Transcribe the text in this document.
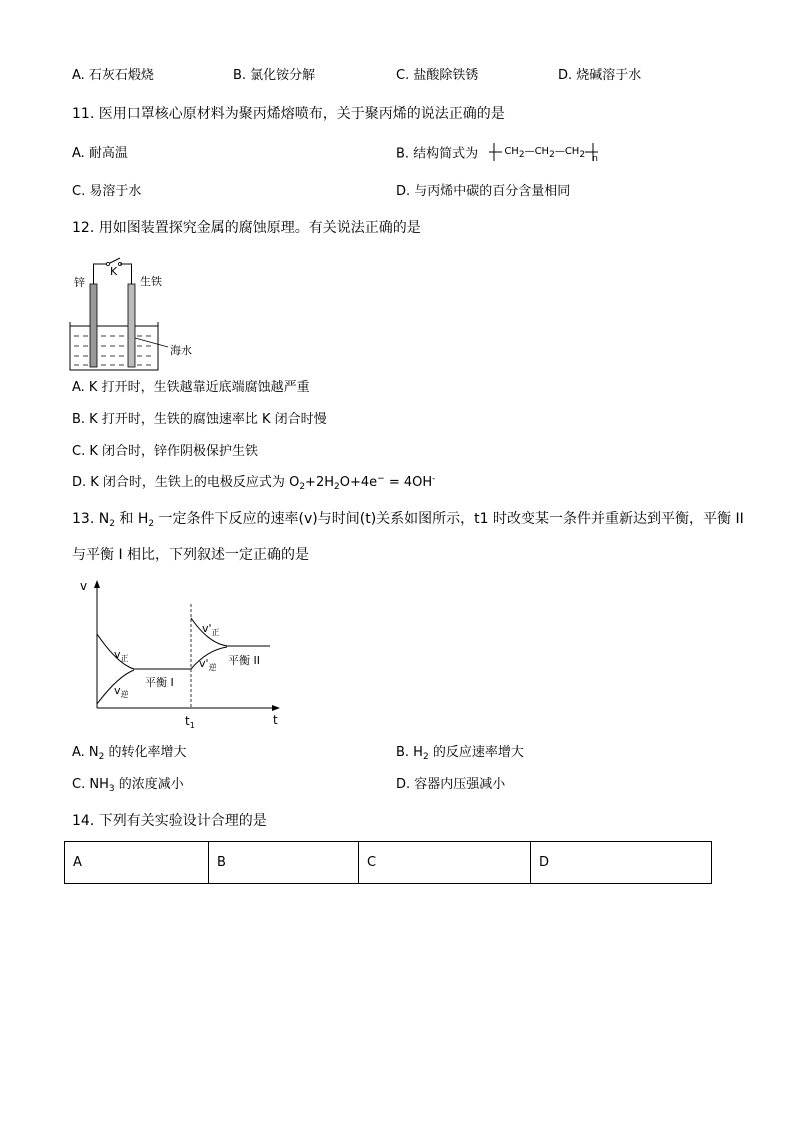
A. 石灰石煅烧	B. 氯化铵分解	C. 盐酸除铁锈	D. 烧碱溶于水
11. 医用口罩核心原材料为聚丙烯熔喷布，关于聚丙烯的说法正确的是
A. 耐高温	B. 结构简式为	$CH_2—CH_2—CH_2$ $_n$
C. 易溶于水	D. 与丙烯中碳的百分含量相同
12. 用如图装置探究金属的腐蚀原理。有关说法正确的是
锌
K
生铁
海水
A. K 打开时，生铁越靠近底端腐蚀越严重
B. K 打开时，生铁的腐蚀速率比 K 闭合时慢
C. K 闭合时，锌作阴极保护生铁
D. K 闭合时，生铁上的电极反应式为 $O_2+2H_2O+4e^- = 4OH^-$
13. $N_2$ 和 $H_2$ 一定条件下反应的速率(v)与时间(t)关系如图所示，t1 时改变某一条件并重新达到平衡，平衡 II
与平衡 I 相比，下列叙述一定正确的是
v
t
$t_1$
$v_正$
$v_逆$
平衡 I
$v'_正$
$v'_逆$
平衡 II
A. $N_2$ 的转化率增大	B. $H_2$ 的反应速率增大
C. $NH_3$ 的浓度减小	D. 容器内压强减小
14. 下列有关实验设计合理的是
A	B	C	D
